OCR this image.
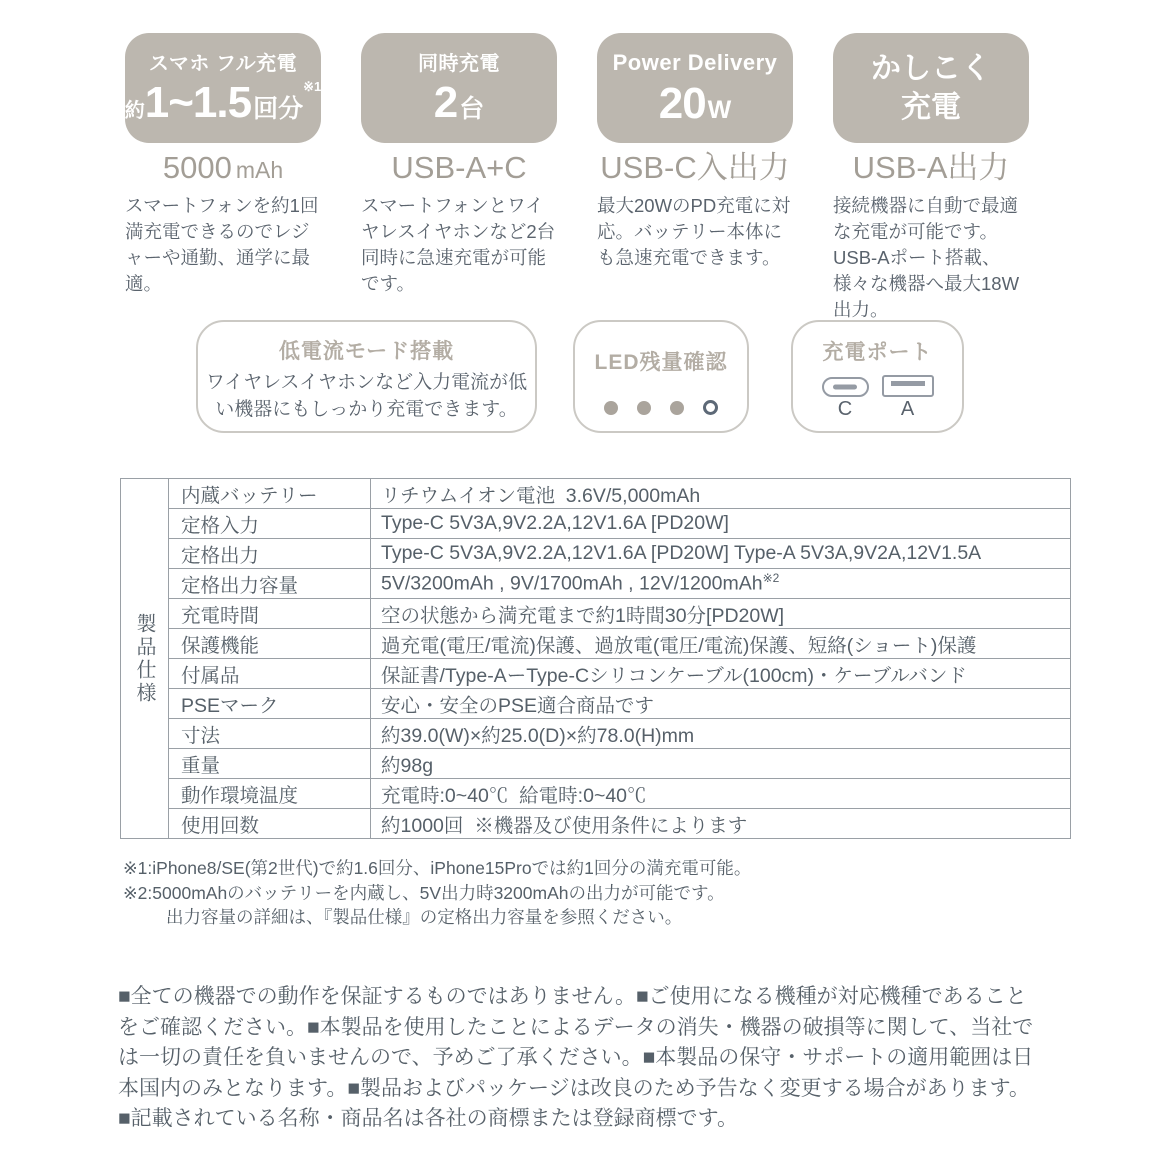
スマホ フル充電
約1~1.5回分$^{※1}$
5000 mAh
スマートフォンを約1回満充電できるのでレジャーや通勤、通学に最適。
同時充電
2台
USB-A+C
スマートフォンとワイヤレスイヤホンなど2台同時に急速充電が可能です。
Power Delivery
20W
USB-C入出力
最大20WのPD充電に対応。バッテリー本体にも急速充電できます。
かしこく
充電
USB-A出力
接続機器に自動で最適な充電が可能です。USB-Aポート搭載、様々な機器へ最大18W出力。
低電流モード搭載
ワイヤレスイヤホンなど入力電流が低い機器にもしっかり充電できます。
LED残量確認	充電ポート
C A
製品仕様	内蔵バッテリー	リチウムイオン電池  3.6V/5,000mAh
	定格入力	Type-C 5V3A,9V2.2A,12V1.6A [PD20W]
	定格出力	Type-C 5V3A,9V2.2A,12V1.6A [PD20W] Type-A 5V3A,9V2A,12V1.5A
	定格出力容量	5V/3200mAh , 9V/1700mAh , 12V/1200mAh$^{※2}$
	充電時間	空の状態から満充電まで約1時間30分[PD20W]
	保護機能	過充電(電圧/電流)保護、過放電(電圧/電流)保護、短絡(ショート)保護
	付属品	保証書/Type-AーType-Cシリコンケーブル(100cm)・ケーブルバンド
	PSEマーク	安心・安全のPSE適合商品です
	寸法	約39.0(W)×約25.0(D)×約78.0(H)mm
	重量	約98g
	動作環境温度	充電時:0~40℃  給電時:0~40℃
	使用回数	約1000回  ※機器及び使用条件によります
※1:iPhone8/SE(第2世代)で約1.6回分、iPhone15Proでは約1回分の満充電可能。
※2:5000mAhのバッテリーを内蔵し、5V出力時3200mAhの出力が可能です。
出力容量の詳細は、『製品仕様』の定格出力容量を参照ください。
■全ての機器での動作を保証するものではありません。■ご使用になる機種が対応機種であることをご確認ください。■本製品を使用したことによるデータの消失・機器の破損等に関して、当社では一切の責任を負いませんので、予めご了承ください。■本製品の保守・サポートの適用範囲は日本国内のみとなります。■製品およびパッケージは改良のため予告なく変更する場合があります。■記載されている名称・商品名は各社の商標または登録商標です。
